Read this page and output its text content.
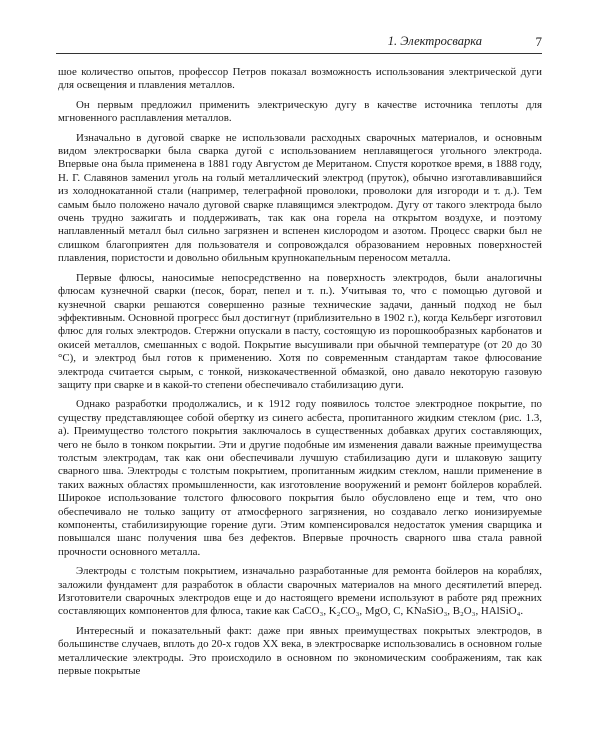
1. Электросварка	7

шое количество опытов, профессор Петров показал возможность использования электрической дуги для освещения и плавления металлов.

Он первым предложил применить электрическую дугу в качестве источника теплоты для мгновенного расплавления металлов.

Изначально в дуговой сварке не использовали расходных сварочных материалов, и основным видом электросварки была сварка дугой с использованием неплавящегося угольного электрода. Впервые она была применена в 1881 году Августом де Меританом. Спустя короткое время, в 1888 году, Н. Г. Славянов заменил уголь на голый металлический электрод (пруток), обычно изготавливавшийся из холоднокатанной стали (например, телеграфной проволоки, проволоки для изгороди и т. д.). Тем самым было положено начало дуговой сварке плавящимся электродом. Дугу от такого электрода было очень трудно зажигать и поддерживать, так как она горела на открытом воздухе, и поэтому наплавленный металл был сильно загрязнен и вспенен кислородом и азотом. Процесс сварки был не слишком благоприятен для пользователя и сопровождался образованием неровных поверхностей плавления, пористости и довольно обильным крупнокапельным переносом металла.

Первые флюсы, наносимые непосредственно на поверхность электродов, были аналогичны флюсам кузнечной сварки (песок, борат, пепел и т. п.). Учитывая то, что с помощью дуговой и кузнечной сварки решаются совершенно разные технические задачи, данный подход не был эффективным. Основной прогресс был достигнут (приблизительно в 1902 г.), когда Кельберг изготовил флюс для голых электродов. Стержни опускали в пасту, состоящую из порошкообразных карбонатов и окисей металлов, смешанных с водой. Покрытие высушивали при обычной температуре (от 20 до 30 °С), и электрод был готов к применению. Хотя по современным стандартам такое флюсование электрода считается сырым, с тонкой, низкокачественной обмазкой, оно давало некоторую газовую защиту при сварке и в какой-то степени обеспечивало стабилизацию дуги.

Однако разработки продолжались, и к 1912 году появилось толстое электродное покрытие, по существу представляющее собой обертку из синего асбеста, пропитанного жидким стеклом (рис. 1.3, а). Преимущество толстого покрытия заключалось в существенных добавках других составляющих, чего не было в тонком покрытии. Эти и другие подобные им изменения давали важные преимущества толстым электродам, так как они обеспечивали лучшую стабилизацию дуги и шлаковую защиту сварного шва. Электроды с толстым покрытием, пропитанным жидким стеклом, нашли применение в таких важных областях промышленности, как изготовление вооружений и ремонт бойлеров кораблей. Широкое использование толстого флюсового покрытия было обусловлено еще и тем, что оно обеспечивало не только защиту от атмосферного загрязнения, но создавало легко ионизируемые компоненты, стабилизирующие горение дуги. Этим компенсировался недостаток умения сварщика и повышался шанс получения шва без дефектов. Впервые прочность сварного шва стала равной прочности основного металла.

Электроды с толстым покрытием, изначально разработанные для ремонта бойлеров на кораблях, заложили фундамент для разработок в области сварочных материалов на много десятилетий вперед. Изготовители сварочных электродов еще и до настоящего времени используют в работе ряд прежних составляющих компонентов для флюса, такие как CaCO₃, K₂CO₃, MgO, C, KNaSiO₃, B₂O₃, HAlSiO₄.

Интересный и показательный факт: даже при явных преимуществах покрытых электродов, в большинстве случаев, вплоть до 20-х годов XX века, в электросварке использовались в основном голые металлические электроды. Это происходило в основном по экономическим соображениям, так как первые покрытые
